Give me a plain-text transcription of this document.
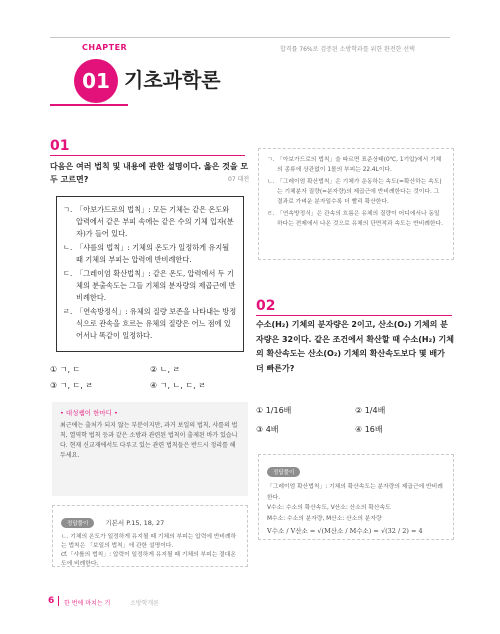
CHAPTER	합격률 76%로 검증된 소방학과를 위한 완전한 선택
01 기초과학론
01
다음은 여러 법칙 및 내용에 관한 설명이다. 옳은 것을 모두 고르면?	07 대전
ㄱ. 「아보가드로의 법칙」: 모든 기체는 같은 온도와 압력에서 같은 부피 속에는 같은 수의 기체 입자(분자)가 들어 있다.
ㄴ. 「샤를의 법칙」: 기체의 온도가 일정하게 유지될 때 기체의 부피는 압력에 반비례한다.
ㄷ. 「그레이엄 확산법칙」: 같은 온도, 압력에서 두 기체의 분출속도는 그들 기체의 분자량의 제곱근에 반비례한다.
ㄹ. 「연속방정식」: 유체의 질량 보존을 나타내는 방정식으로 관속을 흐르는 유체의 질량은 어느 점에 있어서나 똑같이 일정하다.
① ㄱ, ㄷ	② ㄴ, ㄹ
③ ㄱ, ㄷ, ㄹ	④ ㄱ, ㄴ, ㄷ, ㄹ
• 대성쌤이 한마디 •
최근에는 출처가 되지 않는 부분이지만, 과거 보일의 법칙, 샤를의 법칙, 열역학 법칙 등과 같은 소방과 관련된 법칙이 출제된 바가 있습니다. 현재 신교재에서도 다루고 있는 관련 법칙들은 반드시 정리를 해 두세요.
정답풀이	기본서 P.15, 18, 27
ㄴ. 기체의 온도가 일정하게 유지될 때 기체의 부피는 압력에 반비례하는 법칙은 「보일의 법칙」에 관한 설명이다.
cf.「샤를의 법칙」: 압력이 일정하게 유지될 때 기체의 부피는 절대온도에 비례한다.
ㄱ. 「아보가드로의 법칙」을 따르면 표준상태(0℃, 1기압)에서 기체의 종류에 상관없이 1몰의 부피는 22.4L이다.
ㄴ. 「그레이엄 확산법칙」은 기체가 운동하는 속도(=확산하는 속도)는 기체분자 질량(=분자량)의 제곱근에 반비례한다는 것이다. 그 결과로 가벼운 분자일수록 더 빨리 확산한다.
ㄹ. 「연속방정식」은 관속의 흐름은 유체의 질량이 어디에서나 동일하다는 전제에서 나온 것으로 유체의 단면적과 속도는 반비례한다.
02
수소(H₂) 기체의 분자량은 2이고, 산소(O₂) 기체의 분자량은 32이다. 같은 조건에서 확산할 때 수소(H₂) 기체의 확산속도는 산소(O₂) 기체의 확산속도보다 몇 배가 더 빠른가?
① 1/16배	② 1/4배
③ 4배	④ 16배
정답풀이
「그레이엄 확산법칙」: 기체의 확산속도는 분자량의 제곱근에 반비례한다.
V수소: 수소의 확산속도, V산소: 산소의 확산속도
M수소: 수소의 분자량, M산소: 산소의 분자량
V수소 / V산소 = √(M산소 / M수소) = √(32 / 2) = 4
6 한 번에 마치는 기	소방학개론
